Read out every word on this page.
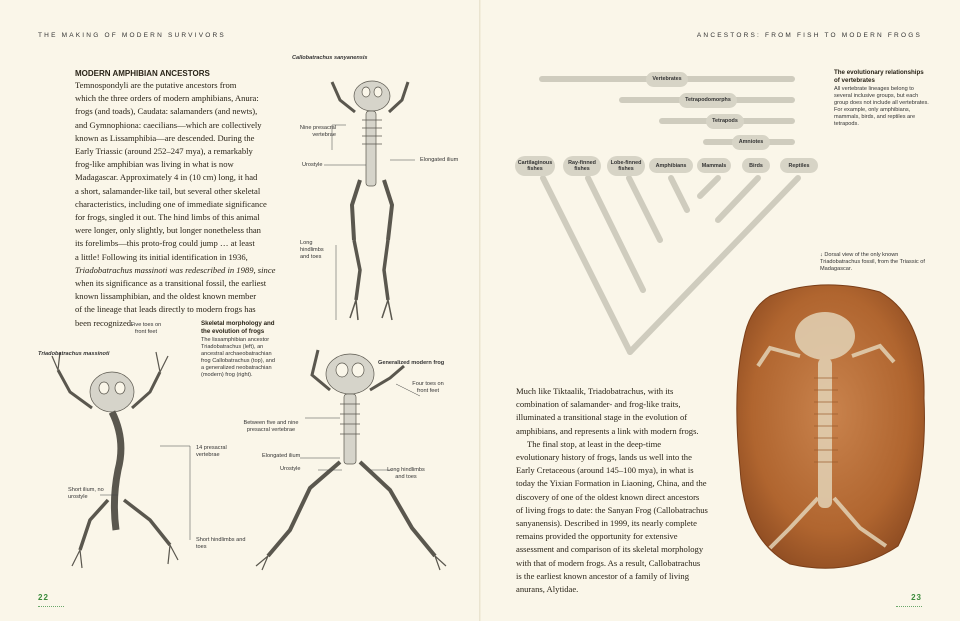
THE MAKING OF MODERN SURVIVORS	ANCESTORS: FROM FISH TO MODERN FROGS
MODERN AMPHIBIAN ANCESTORS
Temnospondyli are the putative ancestors from
which the three orders of modern amphibians, Anura:
frogs (and toads), Caudata: salamanders (and newts),
and Gymnophiona: caecilians—which are collectively
known as Lissamphibia—are descended. During the
Early Triassic (around 252–247 mya), a remarkably
frog-like amphibian was living in what is now
Madagascar. Approximately 4 in (10 cm) long, it had
a short, salamander-like tail, but several other skeletal
characteristics, including one of immediate significance
for frogs, singled it out. The hind limbs of this animal
were longer, only slightly, but longer nonetheless than
its forelimbs—this proto-frog could jump … at least
a little! Following its initial identification in 1936,
Triadobatrachus massinoti was redescribed in 1989, since
when its significance as a transitional fossil, the earliest
known lissamphibian, and the oldest known member
of the lineage that leads directly to modern frogs has
been recognized.
Callobatrachus sanyanensis
Nine presacral vertebrae
Urostyle
Elongated ilium
Long hindlimbs and toes
Triadobatrachus massinoti
Five toes on front feet
14 presacral vertebrae
Short ilium, no urostyle
Short hindlimbs and toes
Generalized modern frog
Four toes on front feet
Between five and nine presacral vertebrae
Elongated ilium
Urostyle	Long hindlimbs and toes
Skeletal morphology and the evolution of frogs
The lissamphibian ancestor Triadobatrachus (left), an ancestral archaeobatrachian frog Callobatrachus (top), and a generalized neobatrachian (modern) frog (right).
22
Vertebrates
Tetrapodomorphs
Tetrapods
Amniotes
Cartilaginous fishes
Ray-finned fishes
Lobe-finned fishes	Amphibians	Mammals	Birds	Reptiles
The evolutionary relationships of vertebrates
All vertebrate lineages belong to several inclusive groups, but each group does not include all vertebrates. For example, only amphibians, mammals, birds, and reptiles are tetrapods.
↓ Dorsal view of the only known Triadobatrachus fossil, from the Triassic of Madagascar.
Much like Tiktaalik, Triadobatrachus, with its
combination of salamander- and frog-like traits,
illuminated a transitional stage in the evolution of
amphibians, and represents a link with modern frogs.
The final stop, at least in the deep-time
evolutionary history of frogs, lands us well into the
Early Cretaceous (around 145–100 mya), in what is
today the Yixian Formation in Liaoning, China, and the
discovery of one of the oldest known direct ancestors
of living frogs to date: the Sanyan Frog (Callobatrachus
sanyanensis). Described in 1999, its nearly complete
remains provided the opportunity for extensive
assessment and comparison of its skeletal morphology
with that of modern frogs. As a result, Callobatrachus
is the earliest known ancestor of a family of living
anurans, Alytidae.
23
